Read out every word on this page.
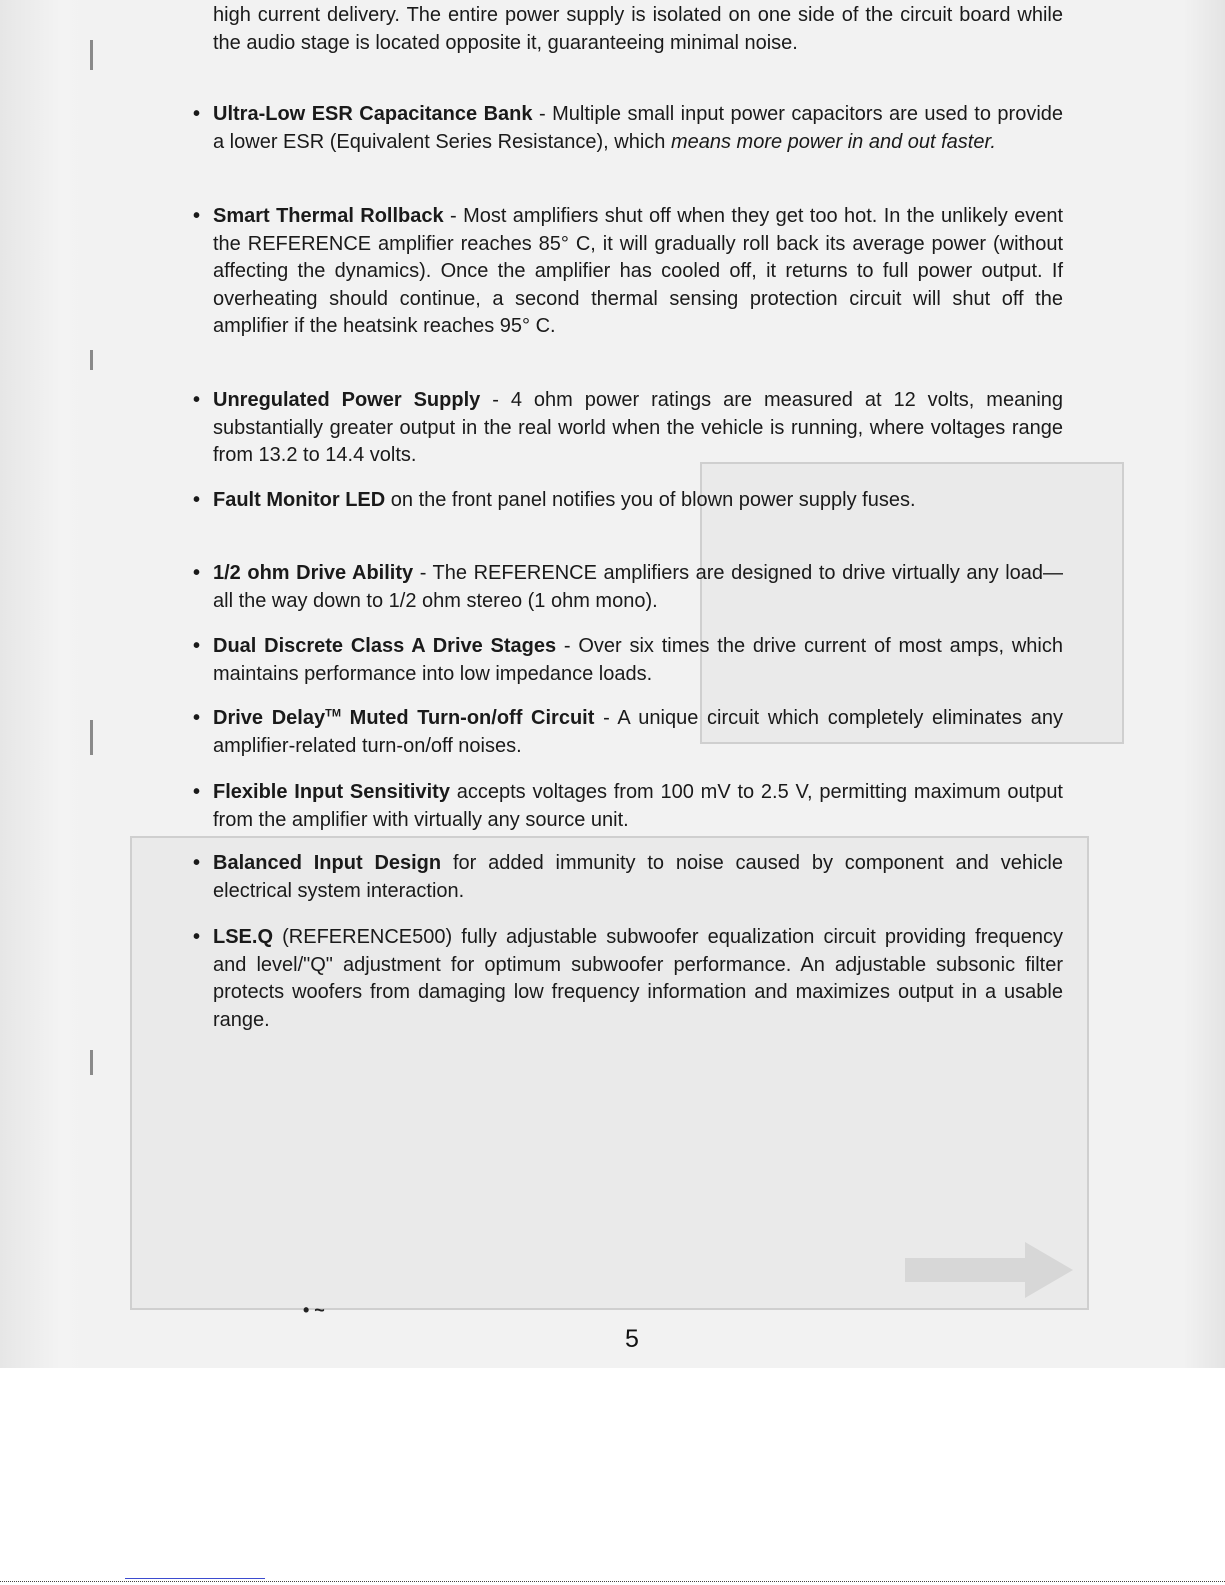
high current delivery. The entire power supply is isolated on one side of the circuit board while the audio stage is located opposite it, guaranteeing minimal noise.

• Ultra-Low ESR Capacitance Bank - Multiple small input power capacitors are used to provide a lower ESR (Equivalent Series Resistance), which means more power in and out faster.

• Smart Thermal Rollback - Most amplifiers shut off when they get too hot. In the unlikely event the REFERENCE amplifier reaches 85° C, it will gradually roll back its average power (without affecting the dynamics). Once the amplifier has cooled off, it returns to full power output. If overheating should continue, a second thermal sensing protection circuit will shut off the amplifier if the heatsink reaches 95° C.

• Unregulated Power Supply - 4 ohm power ratings are measured at 12 volts, meaning substantially greater output in the real world when the vehicle is running, where voltages range from 13.2 to 14.4 volts.

• Fault Monitor LED on the front panel notifies you of blown power supply fuses.

• 1/2 ohm Drive Ability - The REFERENCE amplifiers are designed to drive virtually any load—all the way down to 1/2 ohm stereo (1 ohm mono).

• Dual Discrete Class A Drive Stages - Over six times the drive current of most amps, which maintains performance into low impedance loads.

• Drive Delay™ Muted Turn-on/off Circuit - A unique circuit which completely eliminates any amplifier-related turn-on/off noises.

• Flexible Input Sensitivity accepts voltages from 100 mV to 2.5 V, permitting maximum output from the amplifier with virtually any source unit.

• Balanced Input Design for added immunity to noise caused by component and vehicle electrical system interaction.

• LSE.Q (REFERENCE500) fully adjustable subwoofer equalization circuit providing frequency and level/"Q" adjustment for optimum subwoofer performance. An adjustable subsonic filter protects woofers from damaging low frequency information and maximizes output in a usable range.

• ~
5
